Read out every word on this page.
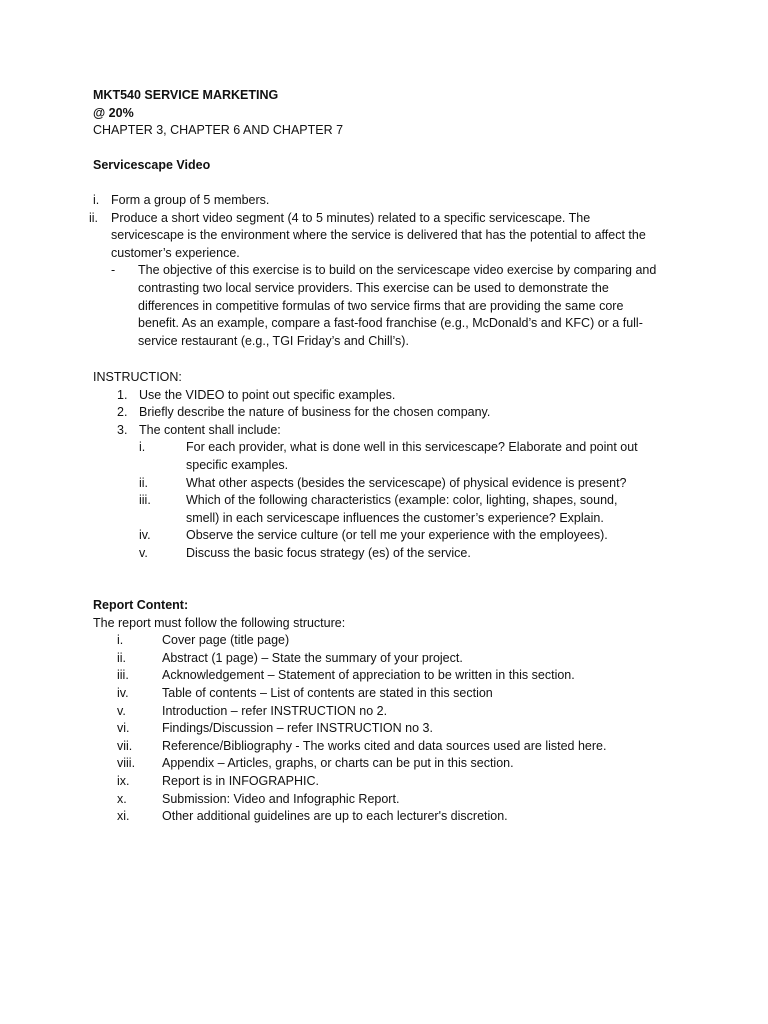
MKT540 SERVICE MARKETING
@ 20%
CHAPTER 3, CHAPTER 6 AND CHAPTER 7
Servicescape Video
i. Form a group of 5 members.
ii.	Produce a short video segment (4 to 5 minutes) related to a specific servicescape. The
servicescape is the environment where the service is delivered that has the potential to affect the
customer’s experience.
-	The objective of this exercise is to build on the servicescape video exercise by comparing and
contrasting two local service providers. This exercise can be used to demonstrate the
differences in competitive formulas of two service firms that are providing the same core
benefit. As an example, compare a fast-food franchise (e.g., McDonald’s and KFC) or a full-
service restaurant (e.g., TGI Friday’s and Chill’s).
INSTRUCTION:
1. Use the VIDEO to point out specific examples.
2. Briefly describe the nature of business for the chosen company.
3. The content shall include:
i.	For each provider, what is done well in this servicescape? Elaborate and point out
specific examples.
ii.	What other aspects (besides the servicescape) of physical evidence is present?
iii.	Which of the following characteristics (example: color, lighting, shapes, sound,
smell) in each servicescape influences the customer’s experience? Explain.
iv.	Observe the service culture (or tell me your experience with the employees).
v.	Discuss the basic focus strategy (es) of the service.
Report Content:
The report must follow the following structure:
i.	Cover page (title page)
ii.	Abstract (1 page) – State the summary of your project.
iii.	Acknowledgement – Statement of appreciation to be written in this section.
iv.	Table of contents – List of contents are stated in this section
v.	Introduction – refer INSTRUCTION no 2.
vi.	Findings/Discussion – refer INSTRUCTION no 3.
vii.	Reference/Bibliography - The works cited and data sources used are listed here.
viii.	Appendix – Articles, graphs, or charts can be put in this section.
ix.	Report is in INFOGRAPHIC.
x.	Submission: Video and Infographic Report.
xi.	Other additional guidelines are up to each lecturer's discretion.
